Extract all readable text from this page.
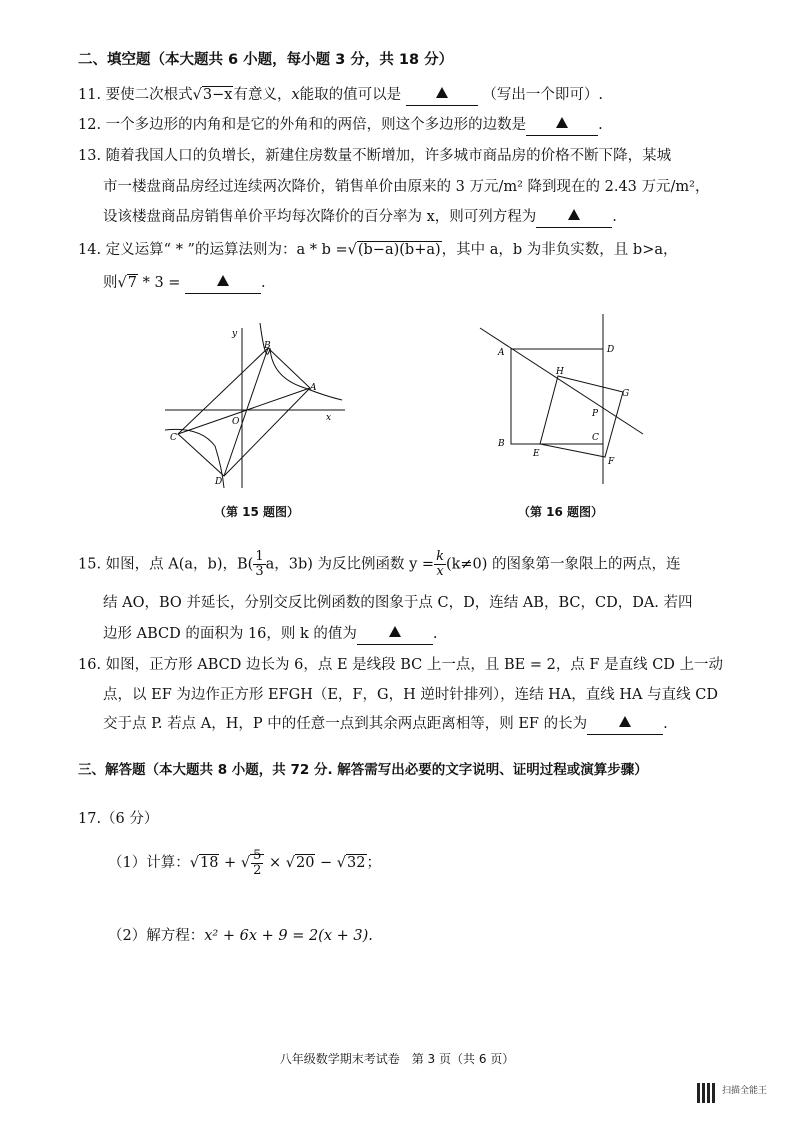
二、填空题（本大题共 6 小题，每小题 3 分，共 18 分）
11. 要使二次根式√3−x有意义，x能取的值可以是	（写出一个即可）.
12. 一个多边形的内角和是它的外角和的两倍，则这个多边形的边数是	.
13. 随着我国人口的负增长，新建住房数量不断增加，许多城市商品房的价格不断下降，某城
市一楼盘商品房经过连续两次降价，销售单价由原来的 3 万元/m² 降到现在的 2.43 万元/m²，
设该楼盘商品房销售单价平均每次降价的百分率为 x，则可列方程为	.
14. 定义运算“ * ”的运算法则为：a * b =√(b−a)(b+a)，其中 a，b 为非负实数，且 b>a，
则√7 * 3 =	.
y
x
O
A
B
C
D
（第 15 题图）
A	D
H
G
P
C
B
E
F
（第 16 题图）
15. 如图，点 A(a，b)，$B( \frac{1}{3}$ a，3b) 为反比例函数 $y = \frac{k}{x} (k\ne 0)$ 的图象第一象限上的两点，连
结 AO，BO 并延长，分别交反比例函数的图象于点 C，D，连结 AB，BC，CD，DA. 若四
边形 ABCD 的面积为 16，则 k 的值为	.
16. 如图，正方形 ABCD 边长为 6，点 E 是线段 BC 上一点，且 BE = 2，点 F 是直线 CD 上一动
点，以 EF 为边作正方形 EFGH（E，F，G，H 逆时针排列），连结 HA，直线 HA 与直线 CD
交于点 P. 若点 A，H，P 中的任意一点到其余两点距离相等，则 EF 的长为	.
三、解答题（本大题共 8 小题，共 72 分. 解答需写出必要的文字说明、证明过程或演算步骤）
17.（6 分）
（1）计算：√18 + √ $\frac{5}{2} \times √20 - √32$；
（2）解方程：x² + 6x + 9 = 2(x + 3).
八年级数学期末考试卷　第 3 页（共 6 页）
扫描全能王
